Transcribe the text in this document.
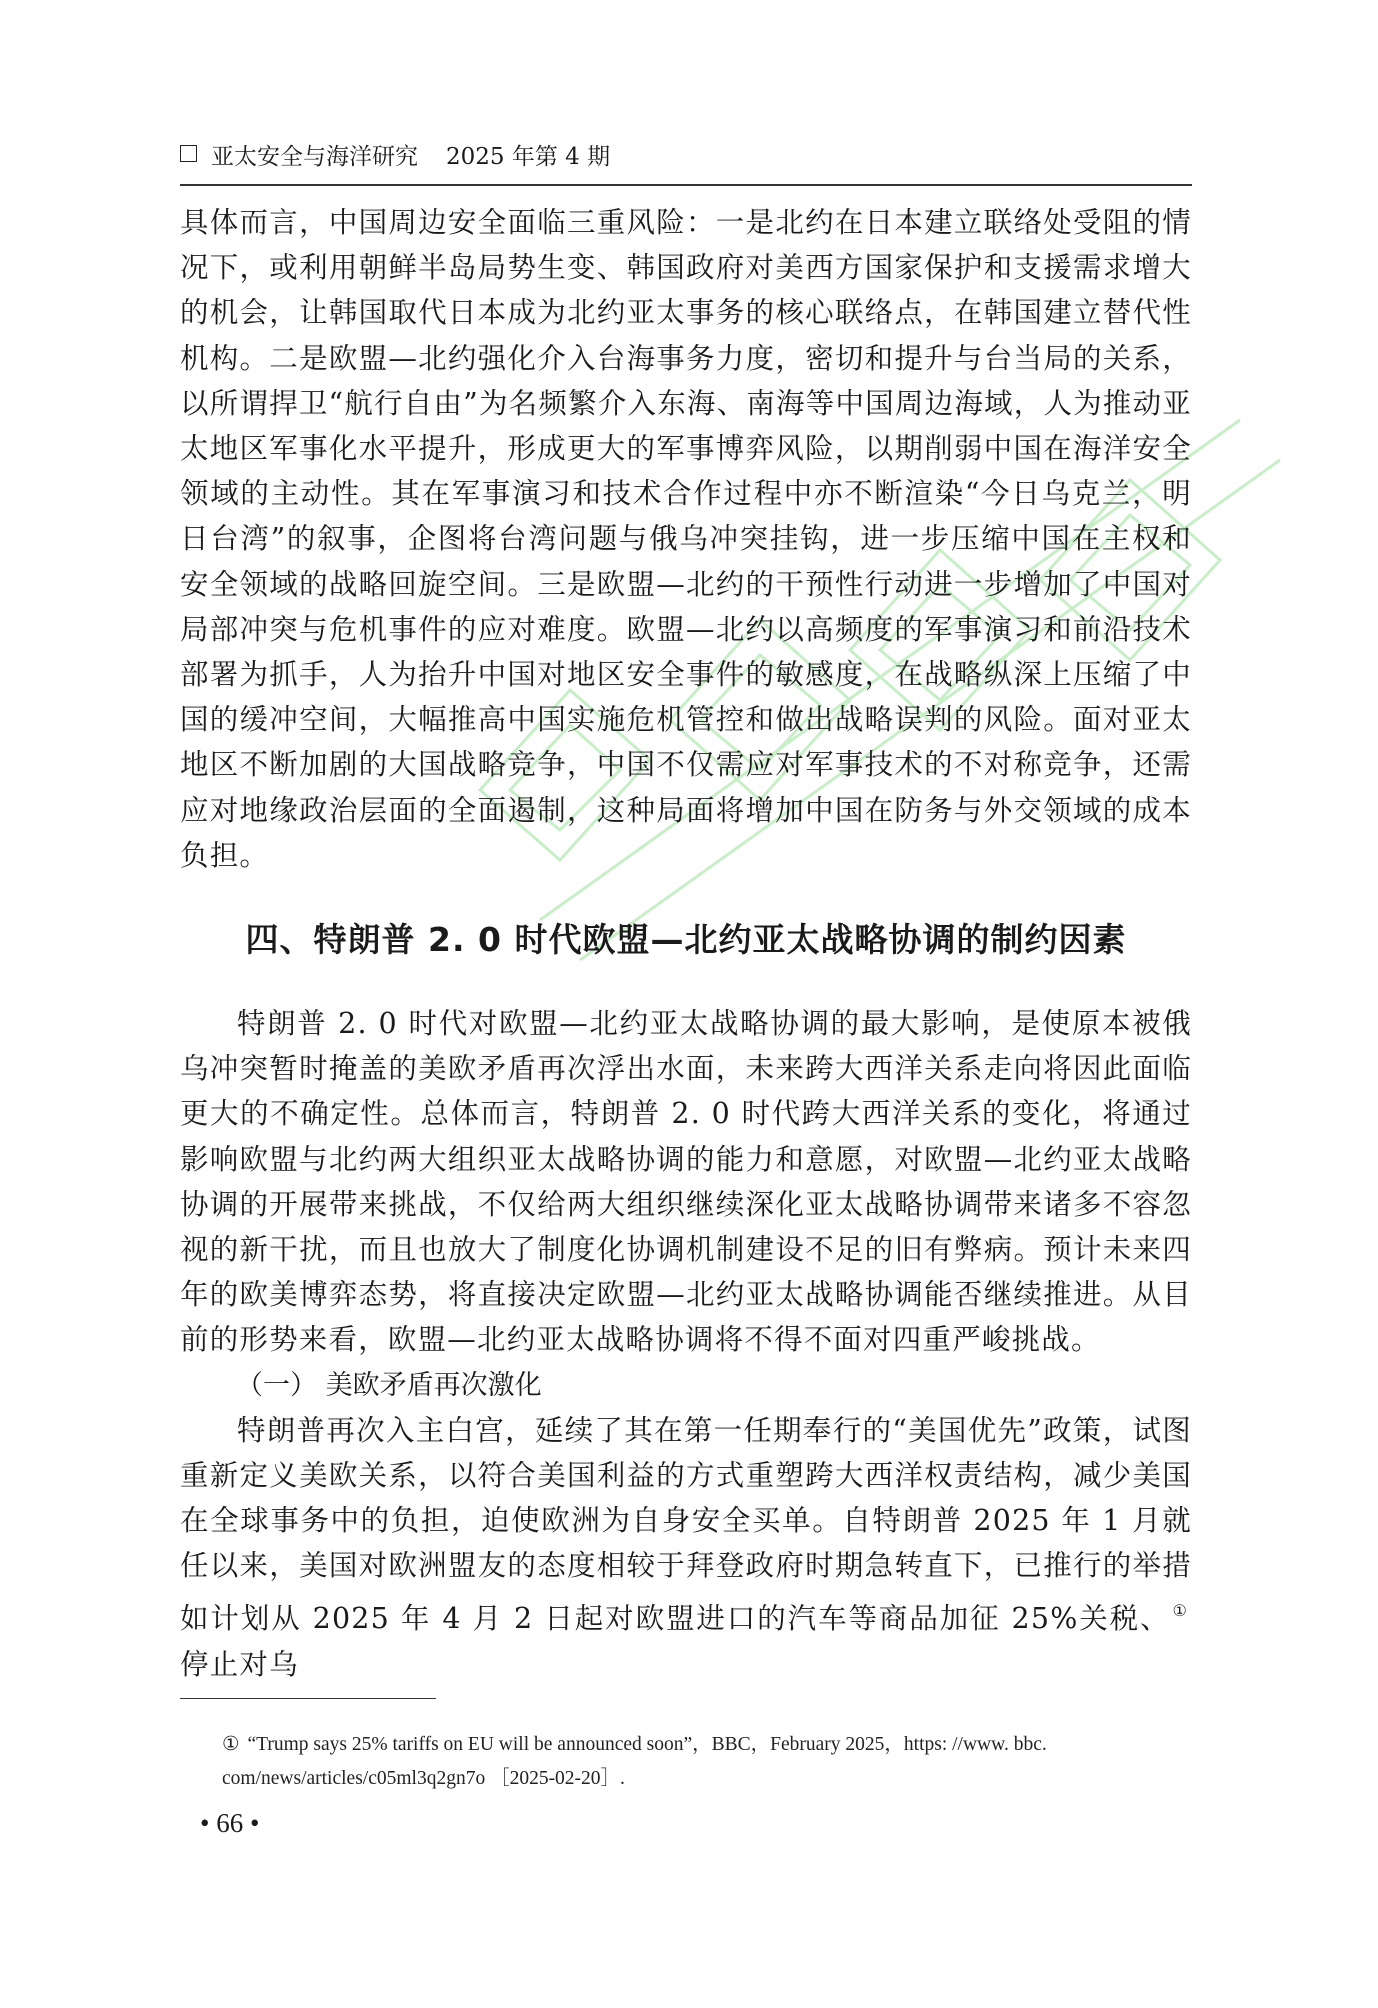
亚太安全与海洋研究 2025 年第 4 期

具体而言，中国周边安全面临三重风险：一是北约在日本建立联络处受阻的情况下，或利用朝鲜半岛局势生变、韩国政府对美西方国家保护和支援需求增大的机会，让韩国取代日本成为北约亚太事务的核心联络点，在韩国建立替代性机构。二是欧盟—北约强化介入台海事务力度，密切和提升与台当局的关系，以所谓捍卫“航行自由”为名频繁介入东海、南海等中国周边海域，人为推动亚太地区军事化水平提升，形成更大的军事博弈风险，以期削弱中国在海洋安全领域的主动性。其在军事演习和技术合作过程中亦不断渲染“今日乌克兰，明日台湾”的叙事，企图将台湾问题与俄乌冲突挂钩，进一步压缩中国在主权和安全领域的战略回旋空间。三是欧盟—北约的干预性行动进一步增加了中国对局部冲突与危机事件的应对难度。欧盟—北约以高频度的军事演习和前沿技术部署为抓手，人为抬升中国对地区安全事件的敏感度，在战略纵深上压缩了中国的缓冲空间，大幅推高中国实施危机管控和做出战略误判的风险。面对亚太地区不断加剧的大国战略竞争，中国不仅需应对军事技术的不对称竞争，还需应对地缘政治层面的全面遏制，这种局面将增加中国在防务与外交领域的成本负担。

四、特朗普 2. 0 时代欧盟—北约亚太战略协调的制约因素

特朗普 2. 0 时代对欧盟—北约亚太战略协调的最大影响，是使原本被俄乌冲突暂时掩盖的美欧矛盾再次浮出水面，未来跨大西洋关系走向将因此面临更大的不确定性。总体而言，特朗普 2. 0 时代跨大西洋关系的变化，将通过影响欧盟与北约两大组织亚太战略协调的能力和意愿，对欧盟—北约亚太战略协调的开展带来挑战，不仅给两大组织继续深化亚太战略协调带来诸多不容忽视的新干扰，而且也放大了制度化协调机制建设不足的旧有弊病。预计未来四年的欧美博弈态势，将直接决定欧盟—北约亚太战略协调能否继续推进。从目前的形势来看，欧盟—北约亚太战略协调将不得不面对四重严峻挑战。

（一） 美欧矛盾再次激化

特朗普再次入主白宫，延续了其在第一任期奉行的“美国优先”政策，试图重新定义美欧关系，以符合美国利益的方式重塑跨大西洋权责结构，减少美国在全球事务中的负担，迫使欧洲为自身安全买单。自特朗普 2025 年 1 月就任以来，美国对欧洲盟友的态度相较于拜登政府时期急转直下，已推行的举措如计划从 2025 年 4 月 2 日起对欧盟进口的汽车等商品加征 25%关税、 ① 停止对乌

① “Trump says 25% tariffs on EU will be announced soon”，BBC，February 2025，https: //www. bbc. com/news/articles/c05ml3q2gn7o ［2025-02-20］.
• 66 •
